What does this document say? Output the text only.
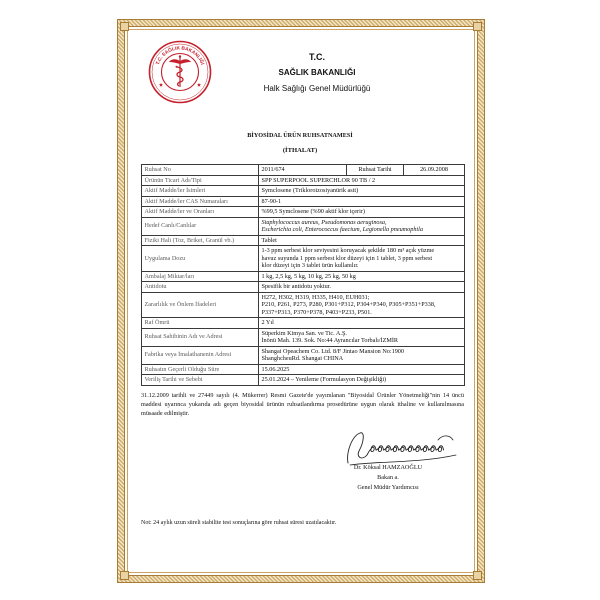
T.C. SAĞLIK BAKANLIĞI
T.C.
SAĞLIK BAKANLIĞI
Halk Sağlığı Genel Müdürlüğü
BİYOSİDAL ÜRÜN RUHSATNAMESİ
(İTHALAT)
Ruhsat No	2011/674	Ruhsat Tarihi	26.09.2008
Ürünün Ticari Adı/Tipi	SPP SUPERPOOL SUPERCHLOR 90 TB / 2		
Aktif Madde/ler İsimleri	Symclosene (Trikloroizosiyanürik asit)		
Aktif Madde/ler CAS Numaraları	87-90-1		
Aktif Madde/ler ve Oranları	%99,5 Symclosene (%90 aktif klor içerir)		
Hedef Canlı/Canlılar	Staphylococcus aureus, Pseudomonas aeruginosa,
Escherichia coli, Enterococcus faecium, Legionella pneumophila		
Fiziki Hali (Toz, Briket, Granül vb.)	Tablet		
Uygulama Dozu	1-3 ppm serbest klor seviyesini koruyacak şekilde 180 m³ açık yüzme
havuz suyunda 1 ppm serbest klor düzeyi için 1 tablet, 3 ppm serbest
klor düzeyi için 3 tablet ürün kullanılır.		
Ambalaj Miktar/ları	1 kg, 2,5 kg, 5 kg, 10 kg, 25 kg, 50 kg		
Antidotu	Spesifik bir antidotu yoktur.		
Zararlılık ve Önlem İfadeleri	H272, H302, H319, H335, H410, EUH031;
P210, P261, P273, P280, P301+P312, P304+P340, P305+P351+P338,
P337+P313, P370+P378, P403+P233, P501.		
Raf Ömrü	2 Yıl		
Ruhsat Sahibinin Adı ve Adresi	Süperkim Kimya San. ve Tic. A.Ş.
İnönü Mah. 139. Sok. No:44 Ayrancılar Torbalı/İZMİR		
Fabrika veya İmalathanenin Adresi	Shangai Opeachem Co. Ltd. 8/F Jintao Mansion No:1900
ShanghcheuRd. Shangai CHINA		
Ruhsatın Geçerli Olduğu Süre	15.06.2025		
Veriliş Tarihi ve Sebebi	25.01.2024 – Yenileme (Formulasyon Değişikliği)		
31.12.2009 tarihli ve 27449 sayılı (4. Mükerrer) Resmi Gazete'de yayımlanan "Biyosidal Ürünler Yönetmeliği"nin 14 üncü maddesi uyarınca yukarıda adı geçen biyosidal ürünün ruhsatlandırma prosedürüne uygun olarak ithaline ve kullanılmasına müsaade edilmiştir.
Dr. Köksal HAMZAOĞLU
Bakan a.
Genel Müdür Yardımcısı
Not: 24 aylık uzun süreli stabilite test sonuçlarına göre ruhsat süresi uzatılacaktır.
